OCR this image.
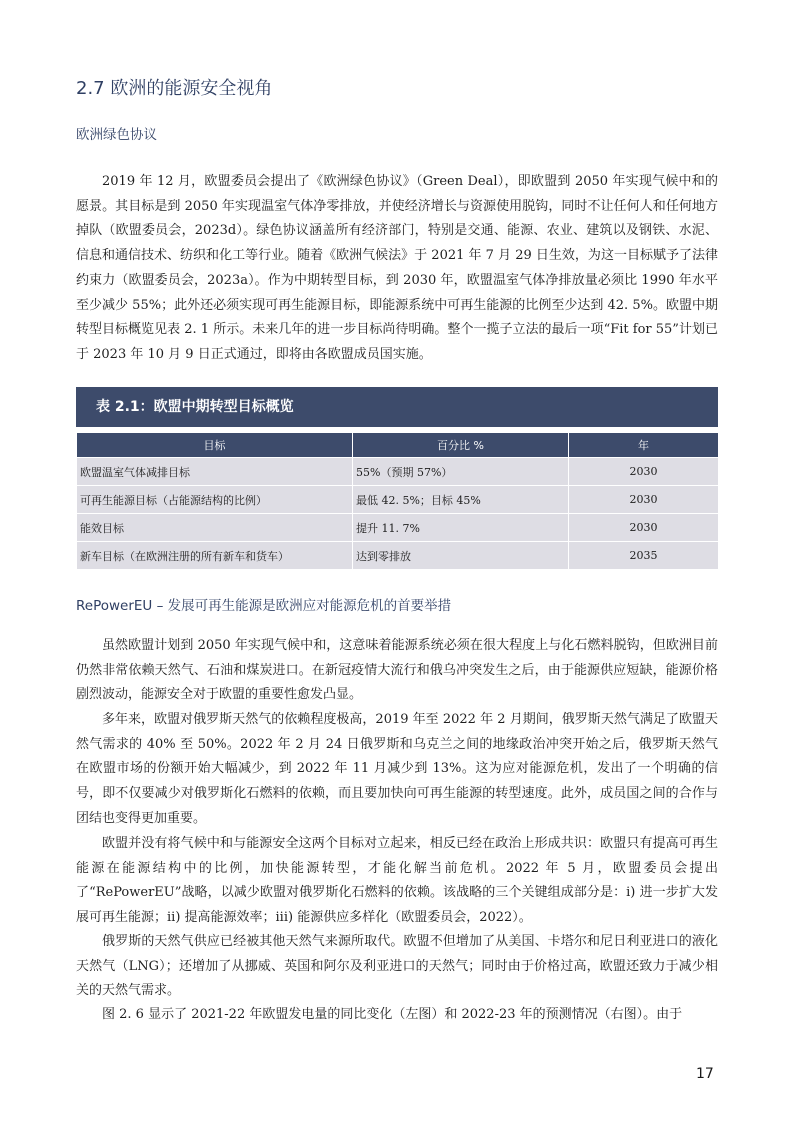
2.7 欧洲的能源安全视角
欧洲绿色协议

2019 年 12 月，欧盟委员会提出了《欧洲绿色协议》（Green Deal），即欧盟到 2050 年实现气候中和的愿景。其目标是到 2050 年实现温室气体净零排放，并使经济增长与资源使用脱钩，同时不让任何人和任何地方掉队（欧盟委员会，2023d）。绿色协议涵盖所有经济部门，特别是交通、能源、农业、建筑以及钢铁、水泥、信息和通信技术、纺织和化工等行业。随着《欧洲气候法》于 2021 年 7 月 29 日生效，为这一目标赋予了法律约束力（欧盟委员会，2023a）。作为中期转型目标，到 2030 年，欧盟温室气体净排放量必须比 1990 年水平至少减少 55%；此外还必须实现可再生能源目标，即能源系统中可再生能源的比例至少达到 42. 5%。欧盟中期转型目标概览见表 2. 1 所示。未来几年的进一步目标尚待明确。整个一揽子立法的最后一项“Fit for 55”计划已于 2023 年 10 月 9 日正式通过，即将由各欧盟成员国实施。

表 2.1：欧盟中期转型目标概览
目标	百分比 %	年
欧盟温室气体减排目标	55%（预期 57%）	2030
可再生能源目标（占能源结构的比例）	最低 42. 5%；目标 45%	2030
能效目标	提升 11. 7%	2030
新车目标（在欧洲注册的所有新车和货车）	达到零排放	2035
RePowerEU – 发展可再生能源是欧洲应对能源危机的首要举措

虽然欧盟计划到 2050 年实现气候中和，这意味着能源系统必须在很大程度上与化石燃料脱钩，但欧洲目前仍然非常依赖天然气、石油和煤炭进口。在新冠疫情大流行和俄乌冲突发生之后，由于能源供应短缺，能源价格剧烈波动，能源安全对于欧盟的重要性愈发凸显。

多年来，欧盟对俄罗斯天然气的依赖程度极高，2019 年至 2022 年 2 月期间，俄罗斯天然气满足了欧盟天然气需求的 40% 至 50%。2022 年 2 月 24 日俄罗斯和乌克兰之间的地缘政治冲突开始之后，俄罗斯天然气在欧盟市场的份额开始大幅减少，到 2022 年 11 月减少到 13%。这为应对能源危机，发出了一个明确的信号，即不仅要减少对俄罗斯化石燃料的依赖，而且要加快向可再生能源的转型速度。此外，成员国之间的合作与团结也变得更加重要。

欧盟并没有将气候中和与能源安全这两个目标对立起来，相反已经在政治上形成共识：欧盟只有提高可再生能源在能源结构中的比例，加快能源转型，才能化解当前危机。2022 年 5 月，欧盟委员会提出了“RePowerEU”战略，以减少欧盟对俄罗斯化石燃料的依赖。该战略的三个关键组成部分是：i) 进一步扩大发展可再生能源；ii) 提高能源效率；iii) 能源供应多样化（欧盟委员会，2022）。

俄罗斯的天然气供应已经被其他天然气来源所取代。欧盟不但增加了从美国、卡塔尔和尼日利亚进口的液化天然气（LNG）；还增加了从挪威、英国和阿尔及利亚进口的天然气；同时由于价格过高，欧盟还致力于减少相关的天然气需求。

图 2. 6 显示了 2021-22 年欧盟发电量的同比变化（左图）和 2022-23 年的预测情况（右图）。由于

17
